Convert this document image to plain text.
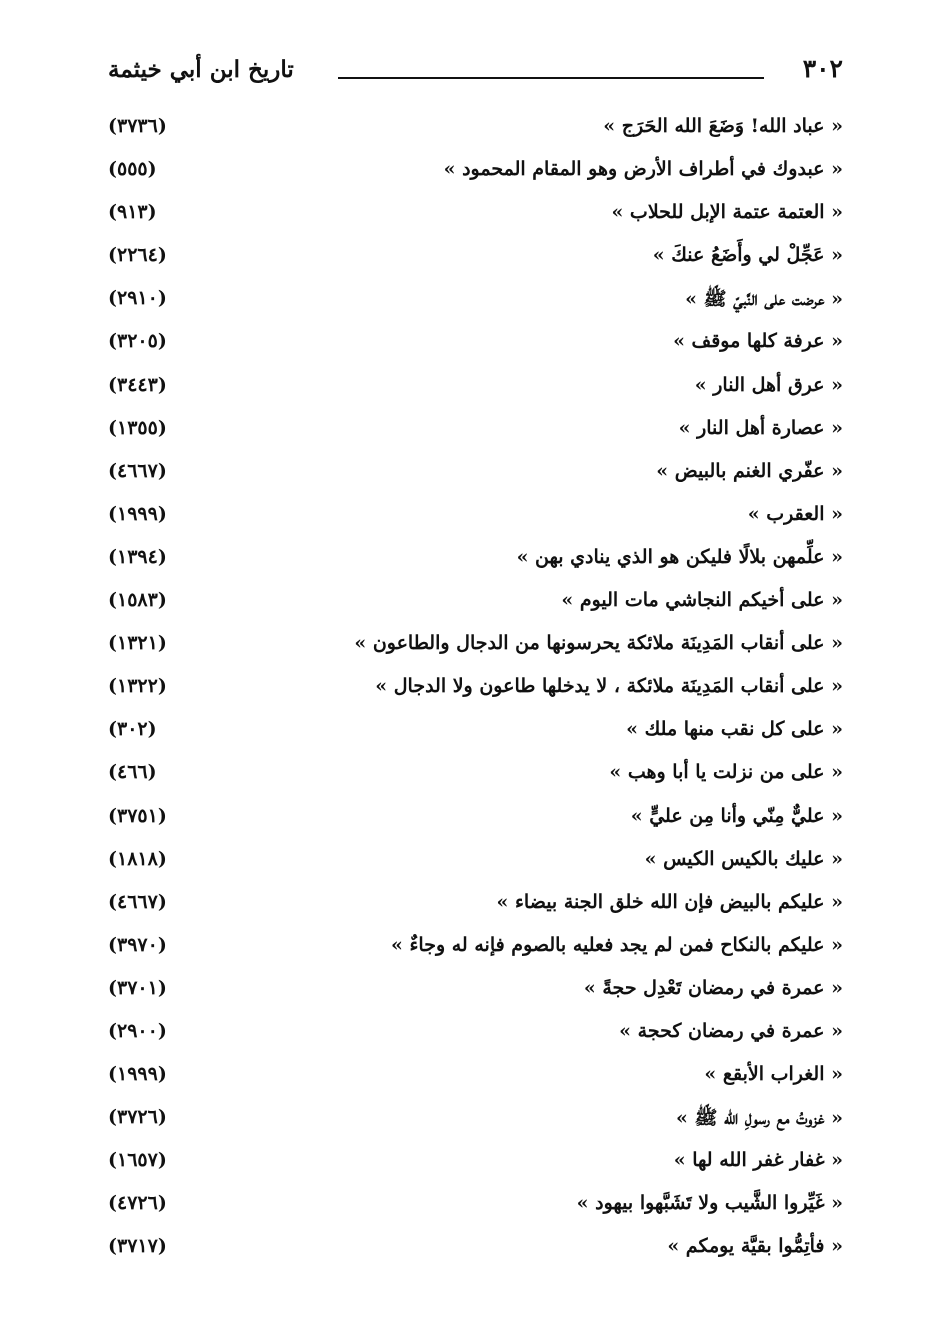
تاريخ ابن أبي خيثمة	٣٠٢
« عباد الله! وَضَعَ الله الحَرَج »
(٣٧٣٦)
« عبدوك في أطراف الأرض وهو المقام المحمود »
(٥٥٥)
« العتمة عتمة الإبل للحلاب »
(٩١٣)
« عَجِّلْ لي وأَضَعُ عنكَ »
(٢٢٦٤)
« عرضت على النَّبيّ ﷺ »
(٢٩١٠)
« عرفة كلها موقف »
(٣٢٠٥)
« عرق أهل النار »
(٣٤٤٣)
« عصارة أهل النار »
(١٣٥٥)
« عفّري الغنم بالبيض »
(٤٦٦٧)
« العقرب »
(١٩٩٩)
« علِّمهن بلالًا فليكن هو الذي ينادي بهن »
(١٣٩٤)
« على أخيكم النجاشي مات اليوم »
(١٥٨٣)
« على أنقاب المَدِينَة ملائكة يحرسونها من الدجال والطاعون »
(١٣٢١)
« على أنقاب المَدِينَة ملائكة ، لا يدخلها طاعون ولا الدجال »
(١٣٢٢)
« على كل نقب منها ملك »
(٣٠٢)
« على من نزلت يا أبا وهب »
(٤٦٦)
« عليٌّ مِنّي وأنا مِن عليٍّ »
(٣٧٥١)
« عليك بالكيس الكيس »
(١٨١٨)
« عليكم بالبيض فإن الله خلق الجنة بيضاء »
(٤٦٦٧)
« عليكم بالنكاح فمن لم يجد فعليه بالصوم فإنه له وجاءٌ »
(٣٩٧٠)
« عمرة في رمضان تَعْدِل حجةً »
(٣٧٠١)
« عمرة في رمضان كحجة »
(٢٩٠٠)
« الغراب الأبقع »
(١٩٩٩)
« غزوتُ مع رسولِ الله ﷺ »
(٣٧٢٦)
« غفار غفر الله لها »
(١٦٥٧)
« غَيِّروا الشَّيب ولا تَشَبَّهوا بيهود »
(٤٧٢٦)
« فأتِمُّوا بقيَّة يومكم »
(٣٧١٧)
